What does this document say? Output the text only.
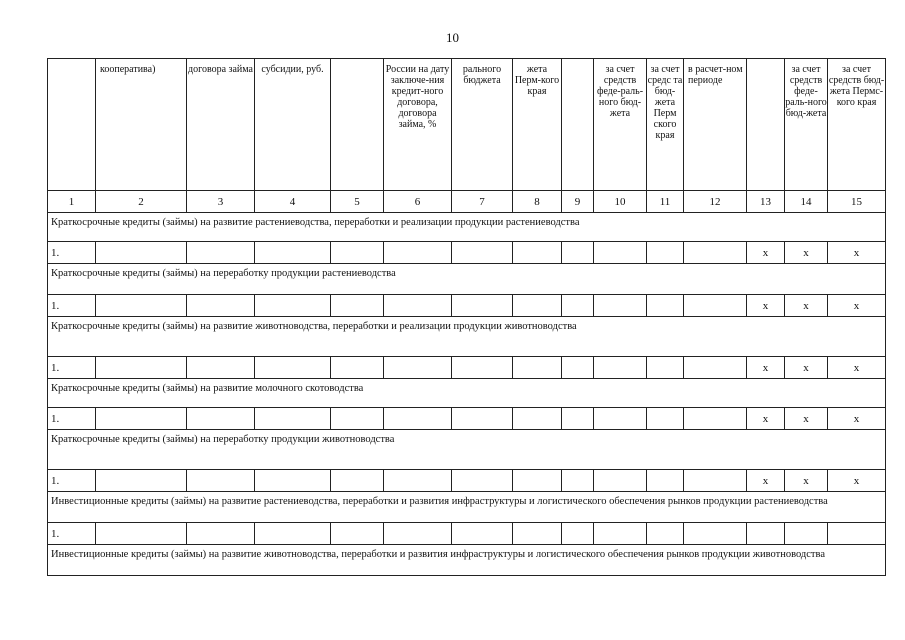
10
	кооператива)	договора займа	субсидии, руб.		России на дату заключе-ния кредит-ного договора, договора займа, %	рального бюджета	жета Перм-кого края		за счет средств феде-раль-ного бюд-жета	за счет средс та бюд-жета Перм ского края	в расчет-ном периоде		за счет средств феде-раль-ного бюд-жета	за счет средств бюд-жета Пермс-кого края
1	2	3	4	5	6	7	8	9	10	11	12	13	14	15
Краткосрочные кредиты (займы) на развитие растениеводства, переработки и реализации продукции растениеводства														
1.												x	x	x
Краткосрочные кредиты (займы) на переработку продукции растениеводства														
1.												x	x	x
Краткосрочные кредиты (займы) на развитие животноводства, переработки и реализации продукции животноводства														
1.												x	x	x
Краткосрочные кредиты (займы) на развитие молочного скотоводства														
1.												x	x	x
Краткосрочные кредиты (займы) на переработку продукции животноводства														
1.												x	x	x
Инвестиционные кредиты (займы) на развитие растениеводства, переработки и развития инфраструктуры и логистического обеспечения рынков продукции растениеводства														
1.														
Инвестиционные кредиты (займы) на развитие животноводства, переработки и развития инфраструктуры и логистического обеспечения рынков продукции животноводства														
